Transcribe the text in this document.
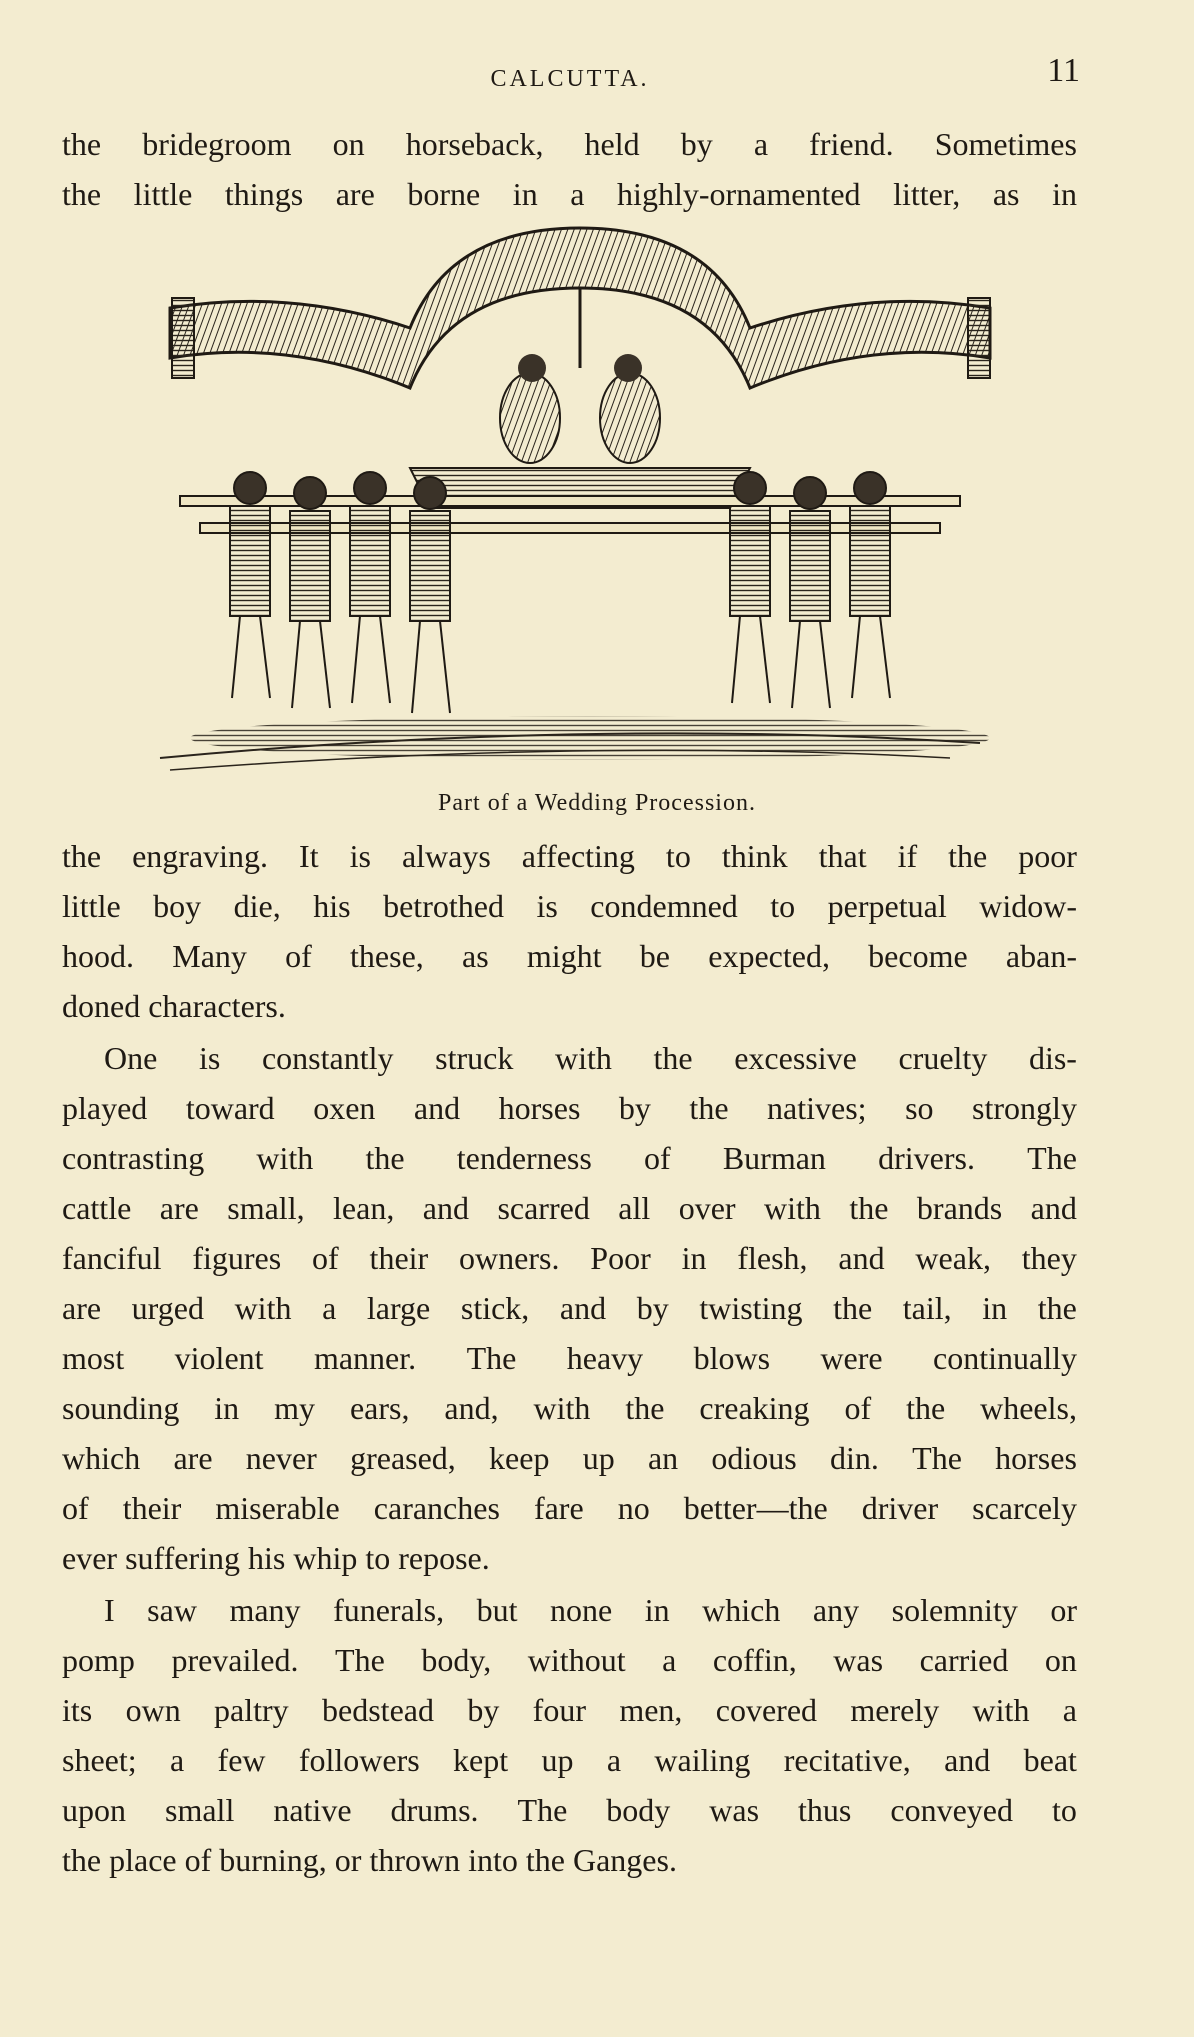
CALCUTTA.	11
the bridegroom on horseback, held by a friend. Sometimes
the little things are borne in a highly-ornamented litter, as in
Part of a Wedding Procession.
the engraving. It is always affecting to think that if the poor
little boy die, his betrothed is condemned to perpetual widow-
hood. Many of these, as might be expected, become aban-
doned characters.
One is constantly struck with the excessive cruelty dis-
played toward oxen and horses by the natives; so strongly
contrasting with the tenderness of Burman drivers. The
cattle are small, lean, and scarred all over with the brands and
fanciful figures of their owners. Poor in flesh, and weak, they
are urged with a large stick, and by twisting the tail, in the
most violent manner. The heavy blows were continually
sounding in my ears, and, with the creaking of the wheels,
which are never greased, keep up an odious din. The horses
of their miserable caranches fare no better—the driver scarcely
ever suffering his whip to repose.
I saw many funerals, but none in which any solemnity or
pomp prevailed. The body, without a coffin, was carried on
its own paltry bedstead by four men, covered merely with a
sheet; a few followers kept up a wailing recitative, and beat
upon small native drums. The body was thus conveyed to
the place of burning, or thrown into the Ganges.
